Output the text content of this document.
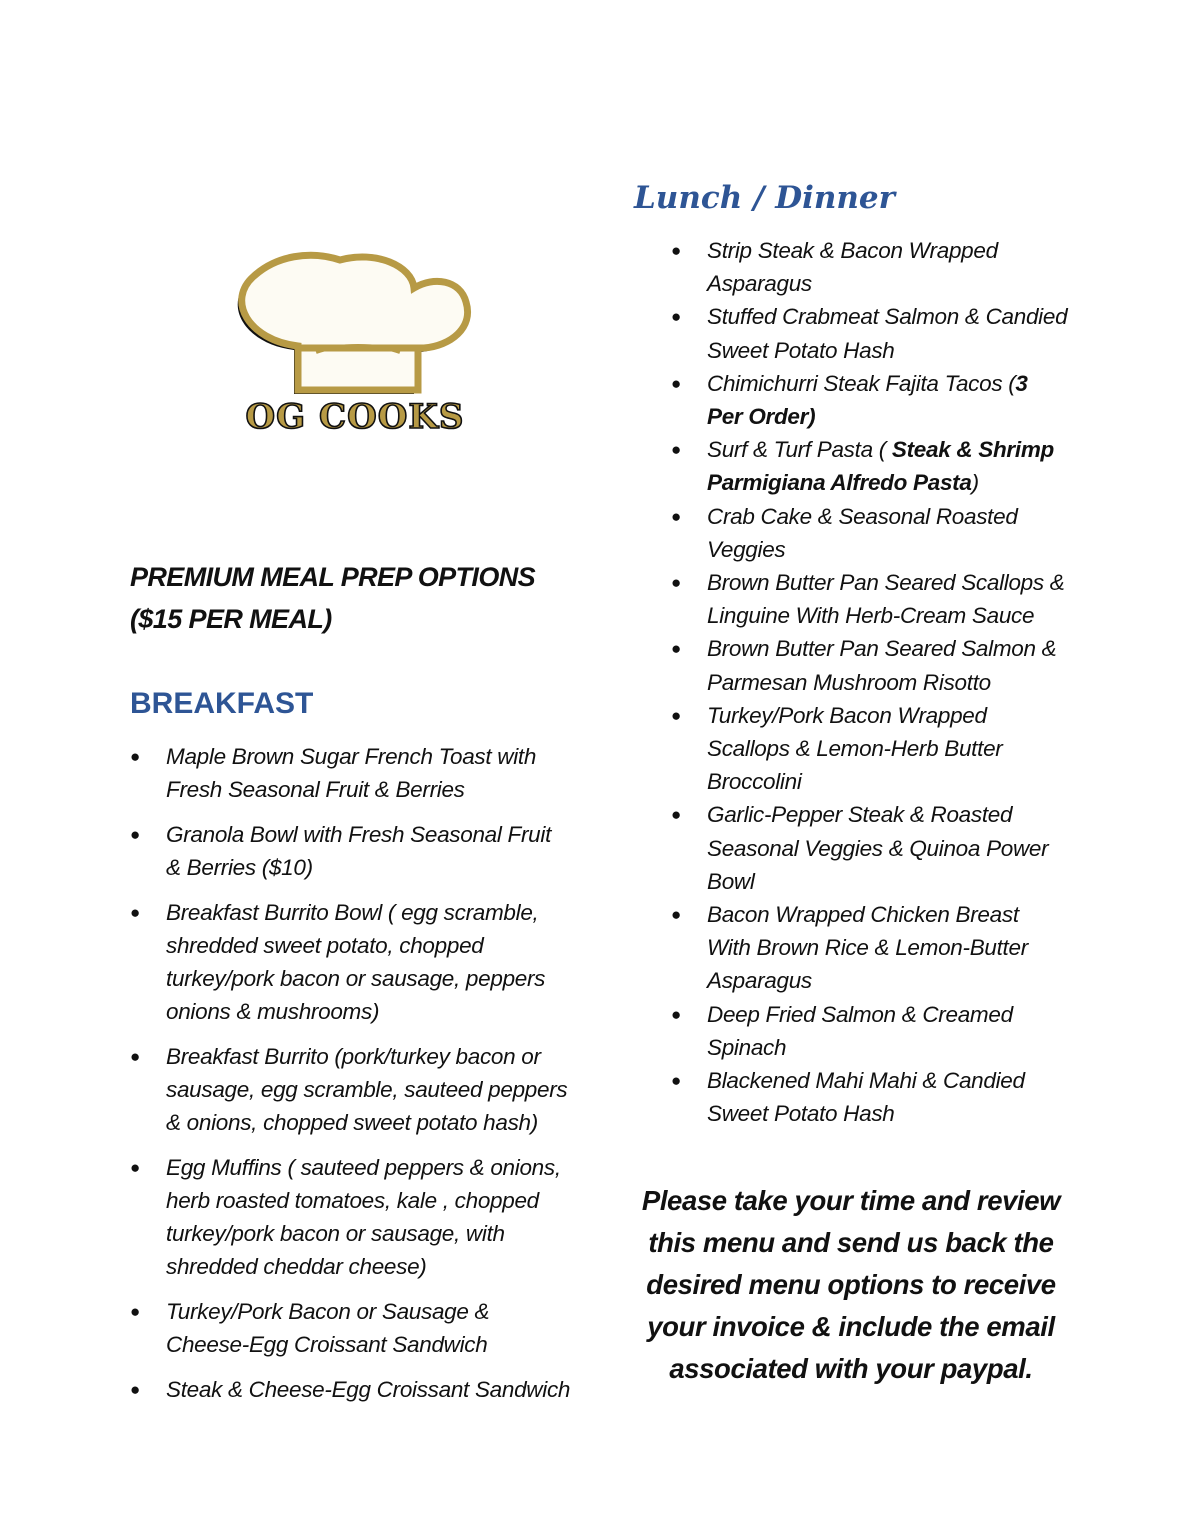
OG COOKS
PREMIUM MEAL PREP OPTIONS
($15 PER MEAL)
BREAKFAST
● Maple Brown Sugar French Toast with
Fresh Seasonal Fruit & Berries
● Granola Bowl with Fresh Seasonal Fruit
& Berries ($10)
● Breakfast Burrito Bowl ( egg scramble,
shredded sweet potato, chopped
turkey/pork bacon or sausage, peppers
onions & mushrooms)
● Breakfast Burrito (pork/turkey bacon or
sausage, egg scramble, sauteed peppers
& onions, chopped sweet potato hash)
● Egg Muffins ( sauteed peppers & onions,
herb roasted tomatoes, kale , chopped
turkey/pork bacon or sausage, with
shredded cheddar cheese)
● Turkey/Pork Bacon or Sausage &
Cheese-Egg Croissant Sandwich
● Steak & Cheese-Egg Croissant Sandwich
Lunch / Dinner
● Strip Steak & Bacon Wrapped
Asparagus
● Stuffed Crabmeat Salmon & Candied
Sweet Potato Hash
● Chimichurri Steak Fajita Tacos (3
Per Order)
● Surf & Turf Pasta ( Steak & Shrimp
Parmigiana Alfredo Pasta)
● Crab Cake & Seasonal Roasted
Veggies
● Brown Butter Pan Seared Scallops &
Linguine With Herb-Cream Sauce
● Brown Butter Pan Seared Salmon &
Parmesan Mushroom Risotto
● Turkey/Pork Bacon Wrapped
Scallops & Lemon-Herb Butter
Broccolini
● Garlic-Pepper Steak & Roasted
Seasonal Veggies & Quinoa Power
Bowl
● Bacon Wrapped Chicken Breast
With Brown Rice & Lemon-Butter
Asparagus
● Deep Fried Salmon & Creamed
Spinach
● Blackened Mahi Mahi & Candied
Sweet Potato Hash
Please take your time and review
this menu and send us back the
desired menu options to receive
your invoice & include the email
associated with your paypal.
